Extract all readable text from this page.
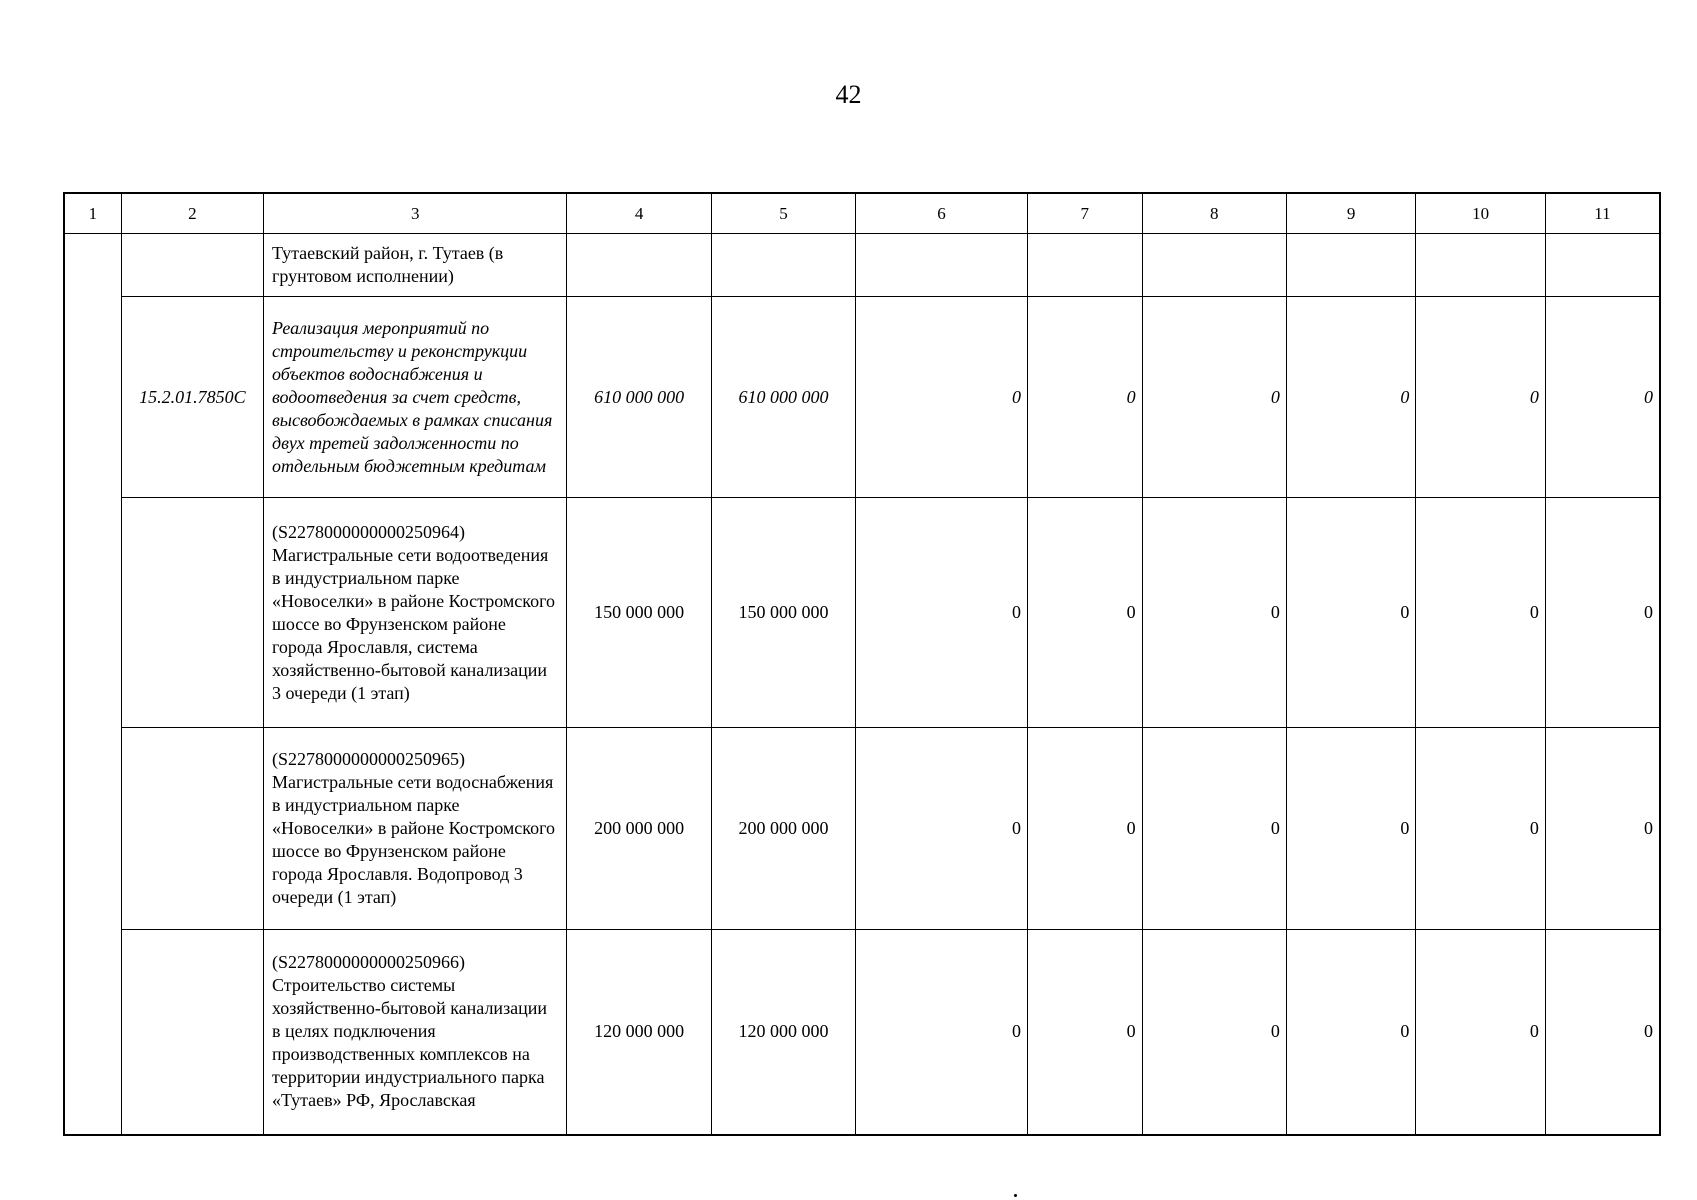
42
1	2	3	4	5	6	7	8	9	10	11
		Тутаевский район, г. Тутаев (в грунтовом исполнении)								
	15.2.01.7850C	Реализация мероприятий по строительству и реконструкции объектов водоснабжения и водоотведения за счет средств, высвобождаемых в рамках списания двух третей задолженности по отдельным бюджетным кредитам	610 000 000	610 000 000	0	0	0	0	0	0
		(S2278000000000250964) Магистральные сети водоотведения в индустриальном парке «Новоселки» в районе Костромского шоссе во Фрунзенском районе города Ярославля, система хозяйственно-бытовой канализации 3 очереди (1 этап)	150 000 000	150 000 000	0	0	0	0	0	0
		(S2278000000000250965) Магистральные сети водоснабжения в индустриальном парке «Новоселки» в районе Костромского шоссе во Фрунзенском районе города Ярославля. Водопровод 3 очереди (1 этап)	200 000 000	200 000 000	0	0	0	0	0	0
		(S2278000000000250966) Строительство системы хозяйственно-бытовой канализации в целях подключения производственных комплексов на территории индустриального парка «Тутаев» РФ, Ярославская	120 000 000	120 000 000	0	0	0	0	0	0
